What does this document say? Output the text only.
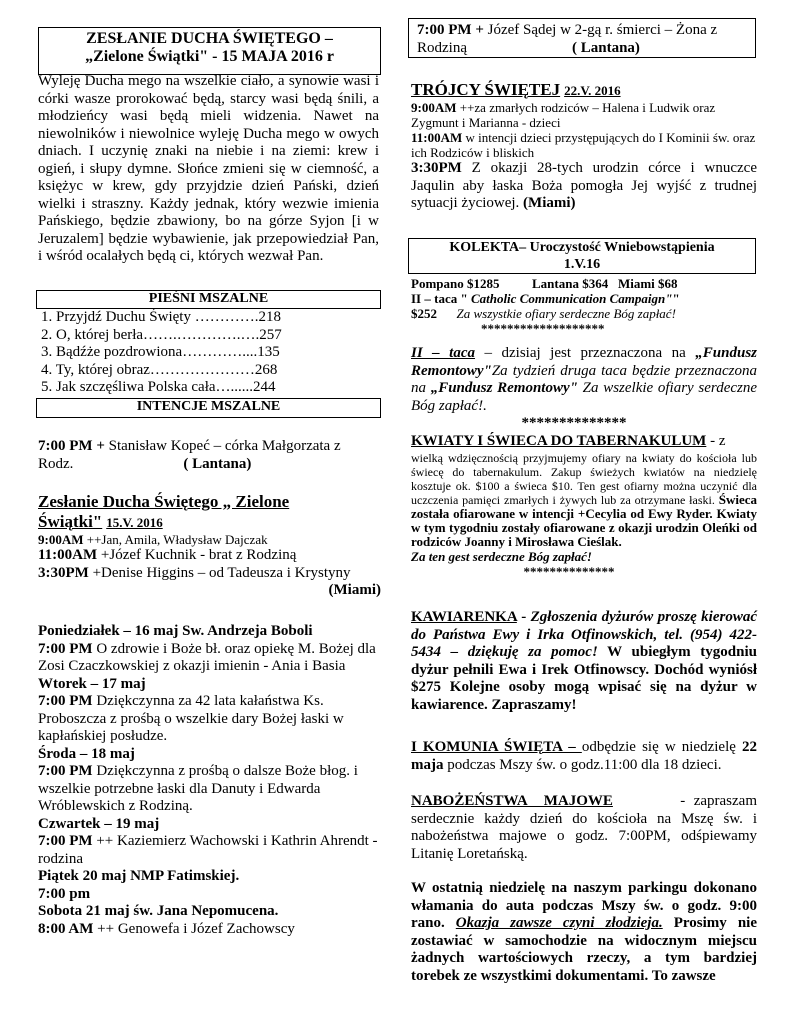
ZESŁANIE DUCHA ŚWIĘTEGO –
„Zielone Świątki" - 15 MAJA 2016 r

Wyleję Ducha mego na wszelkie ciało, a synowie wasi i córki wasze prorokować będą, starcy wasi będą śnili, a młodzieńcy wasi będą mieli widzenia. Nawet na niewolników i niewolnice wyleję Ducha mego w owych dniach. I uczynię znaki na niebie i na ziemi: krew i ogień, i słupy dymne. Słońce zmieni się w ciemność, a księżyc w krew, gdy przyjdzie dzień Pański, dzień wielki i straszny. Każdy jednak, który wezwie imienia Pańskiego, będzie zbawiony, bo na górze Syjon [i w Jeruzalem] będzie wybawienie, jak przepowiedział Pan, i wśród ocalałych będą ci, których wezwał Pan.

PIEŚNI MSZALNE
1. Przyjdź Duchu Święty ………….218
2. O, której berła…….………….….257
3. Bądźże pozdrowiona…………....135
4. Ty, której obraz…………………268
5. Jak szczęśliwa Polska cała…......244
INTENCJE MSZALNE
7:00 PM + Stanisław Kopeć – córka Małgorzata z
Rodz.	( Lantana)
Zesłanie Ducha Świętego „ Zielone
Świątki" 15.V. 2016
9:00AM ++Jan, Amila, Władysław Dajczak
11:00AM +Józef Kuchnik - brat z Rodziną
3:30PM +Denise Higgins – od Tadeusza i Krystyny
(Miami)
Poniedziałek – 16 maj Sw. Andrzeja Boboli
7:00 PM O zdrowie i Boże bł. oraz opiekę M. Bożej dla Zosi Czaczkowskiej z okazji imienin - Ania i Basia
Wtorek – 17 maj
7:00 PM Dziękczynna za 42 lata kałaństwa Ks. Proboszcza z prośbą o wszelkie dary Bożej łaski w kapłańskiej posłudze.
Środa – 18 maj
7:00 PM Dziękczynna z prośbą o dalsze Boże błog. i wszelkie potrzebne łaski dla Danuty i Edwarda Wróblewskich z Rodziną.
Czwartek – 19 maj
7:00 PM ++ Kaziemierz Wachowski i Kathrin Ahrendt - rodzina
Piątek 20 maj NMP Fatimskiej.
7:00 pm
Sobota 21 maj św. Jana Nepomucena.
8:00 AM ++ Genowefa i Józef Zachowscy
7:00 PM + Józef Sądej w 2-gą r. śmierci – Żona z
Rodziną	( Lantana)
TRÓJCY ŚWIĘTEJ 22.V. 2016
9:00AM ++za zmarłych rodziców – Halena i Ludwik oraz Zygmunt i Marianna - dzieci
11:00AM w intencji dzieci przystępujących do I Kominii św. oraz ich Rodziców i bliskich
3:30PM Z okazji 28-tych urodzin córce i wnuczce Jaqulin aby łaska Boża pomogła Jej wyjść z trudnej sytuacji życiowej. (Miami)
KOLEKTA– Uroczystość Wniebowstąpienia
1.V.16
Pompano $1285          Lantana $364   Miami $68
II – taca " Catholic Communication Campaign""
$252 Za wszystkie ofiary serdeczne Bóg zapłać!
*******************
II – taca – dzisiaj jest przeznaczona na „Fundusz Remontowy"Za tydzień druga taca będzie przeznaczona na „Fundusz Remontowy" Za wszelkie ofiary serdeczne Bóg zapłać!.
**************
KWIATY I ŚWIECA DO TABERNAKULUM - z

wielką wdzięcznością przyjmujemy ofiary na kwiaty do kościoła lub świecę do tabernakulum. Zakup świeżych kwiatów na niedzielę kosztuje ok. $100 a świeca $10. Ten gest ofiarny można uczynić dla uczczenia pamięci zmarłych i żywych lub za otrzymane łaski. Świeca została ofiarowane w intencji +Cecylia od Ewy Ryder. Kwiaty w tym tygodniu zostały ofiarowane z okazji urodzin Oleńki od rodziców Joanny i Mirosława Cieślak.

Za ten gest serdeczne Bóg zapłać!
**************

KAWIARENKA - Zgłoszenia dyżurów proszę kierować do Państwa Ewy i Irka Otfinowskich, tel. (954) 422-5434 – dziękuję za pomoc! W ubiegłym tygodniu dyżur pełnili Ewa i Irek Otfinowscy. Dochód wyniósł $275 Kolejne osoby mogą wpisać się na dyżur w kawiarence. Zapraszamy!

I KOMUNIA ŚWIĘTA – odbędzie się w niedzielę 22 maja podczas Mszy św. o godz.11:00 dla 18 dzieci.

NABOŻEŃSTWA  MAJOWE        - zapraszam serdecznie każdy dzień do kościoła na Mszę św. i nabożeństwa majowe o godz. 7:00PM, odśpiewamy Litanię Loretańską.

W ostatnią niedzielę na naszym parkingu dokonano włamania do auta podczas Mszy św. o godz. 9:00 rano. Okazja zawsze czyni złodzieja. Prosimy nie zostawiać w samochodzie na widocznym miejscu żadnych wartościowych rzeczy, a tym bardziej torebek ze wszystkimi dokumentami. To zawsze
